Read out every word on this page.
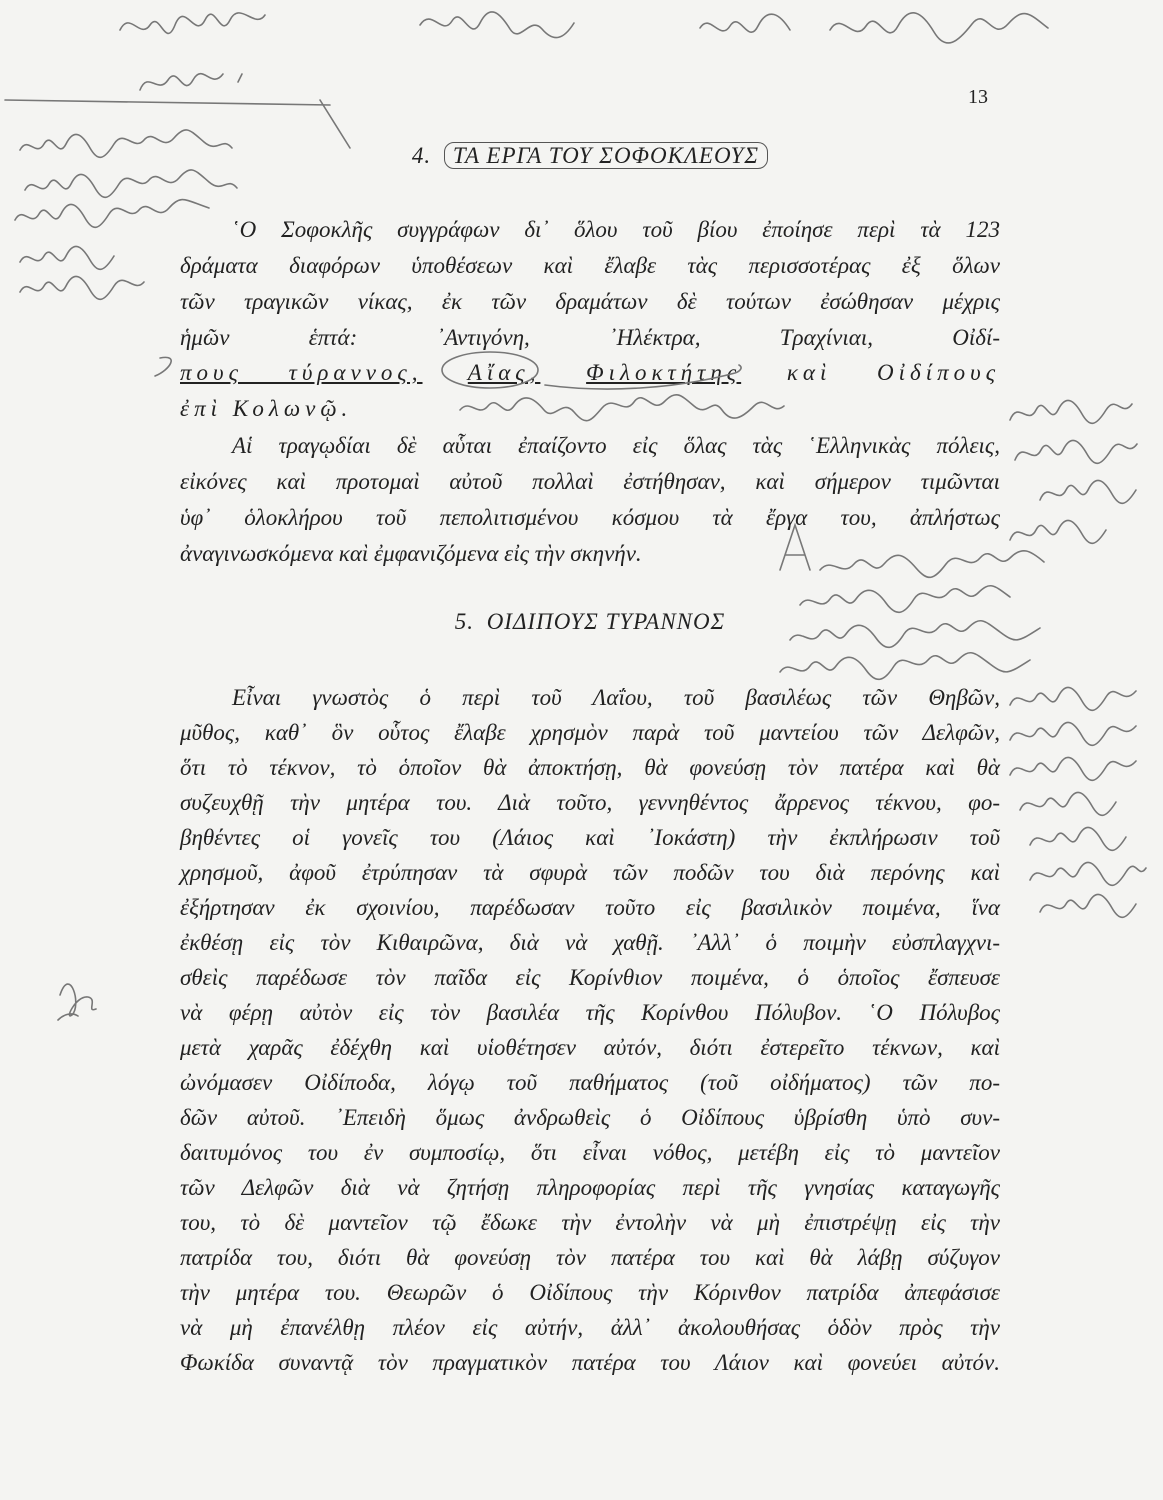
13
4. ΤΑ ΕΡΓΑ ΤΟΥ ΣΟΦΟΚΛΕΟΥΣ
῾Ο Σοφοκλῆς συγγράφων δι᾿ ὅλου τοῦ βίου ἐποίησε περὶ τὰ 123
δράματα διαφόρων ὑποθέσεων καὶ ἔλαβε τὰς περισσοτέρας ἐξ ὅλων
τῶν τραγικῶν νίκας, ἐκ τῶν δραμάτων δὲ τούτων ἐσώθησαν μέχρις
ἡμῶν ἑπτά: ᾿Αντιγόνη, ᾿Ηλέκτρα, Τραχίνιαι, Οἰδί-
πους τύραννος, Αἴας, Φιλοκτήτης καὶ Οἰδίπους
ἐπὶ Κολωνῷ.
Αἱ τραγῳδίαι δὲ αὗται ἐπαίζοντο εἰς ὅλας τὰς ῾Ελληνικὰς πόλεις,
εἰκόνες καὶ προτομαὶ αὐτοῦ πολλαὶ ἐστήθησαν, καὶ σήμερον τιμῶνται
ὑφ᾿ ὁλοκλήρου τοῦ πεπολιτισμένου κόσμου τὰ ἔργα του, ἀπλήστως
ἀναγινωσκόμενα καὶ ἐμφανιζόμενα εἰς τὴν σκηνήν.
5. ΟΙΔΙΠΟΥΣ ΤΥΡΑΝΝΟΣ
Εἶναι γνωστὸς ὁ περὶ τοῦ Λαΐου, τοῦ βασιλέως τῶν Θηβῶν,
μῦθος, καθ᾿ ὃν οὗτος ἔλαβε χρησμὸν παρὰ τοῦ μαντείου τῶν Δελφῶν,
ὅτι τὸ τέκνον, τὸ ὁποῖον θὰ ἀποκτήσῃ, θὰ φονεύσῃ τὸν πατέρα καὶ θὰ
συζευχθῇ τὴν μητέρα του. Διὰ τοῦτο, γεννηθέντος ἄρρενος τέκνου, φο-
βηθέντες οἱ γονεῖς του (Λάιος καὶ ᾿Ιοκάστη) τὴν ἐκπλήρωσιν τοῦ
χρησμοῦ, ἀφοῦ ἐτρύπησαν τὰ σφυρὰ τῶν ποδῶν του διὰ περόνης καὶ
ἐξήρτησαν ἐκ σχοινίου, παρέδωσαν τοῦτο εἰς βασιλικὸν ποιμένα, ἵνα
ἐκθέσῃ εἰς τὸν Κιθαιρῶνα, διὰ νὰ χαθῇ. ᾿Αλλ᾿ ὁ ποιμὴν εὐσπλαγχνι-
σθεὶς παρέδωσε τὸν παῖδα εἰς Κορίνθιον ποιμένα, ὁ ὁποῖος ἔσπευσε
νὰ φέρῃ αὐτὸν εἰς τὸν βασιλέα τῆς Κορίνθου Πόλυβον. ῾Ο Πόλυβος
μετὰ χαρᾶς ἐδέχθη καὶ υἱοθέτησεν αὐτόν, διότι ἐστερεῖτο τέκνων, καὶ
ὠνόμασεν Οἰδίποδα, λόγῳ τοῦ παθήματος (τοῦ οἰδήματος) τῶν πο-
δῶν αὐτοῦ. ᾿Επειδὴ ὅμως ἀνδρωθεὶς ὁ Οἰδίπους ὑβρίσθη ὑπὸ συν-
δαιτυμόνος του ἐν συμποσίῳ, ὅτι εἶναι νόθος, μετέβη εἰς τὸ μαντεῖον
τῶν Δελφῶν διὰ νὰ ζητήσῃ πληροφορίας περὶ τῆς γνησίας καταγωγῆς
του, τὸ δὲ μαντεῖον τῷ ἔδωκε τὴν ἐντολὴν νὰ μὴ ἐπιστρέψῃ εἰς τὴν
πατρίδα του, διότι θὰ φονεύσῃ τὸν πατέρα του καὶ θὰ λάβῃ σύζυγον
τὴν μητέρα του. Θεωρῶν ὁ Οἰδίπους τὴν Κόρινθον πατρίδα ἀπεφάσισε
νὰ μὴ ἐπανέλθῃ πλέον εἰς αὐτήν, ἀλλ᾿ ἀκολουθήσας ὁδὸν πρὸς τὴν
Φωκίδα συναντᾷ τὸν πραγματικὸν πατέρα του Λάιον καὶ φονεύει αὐτόν.
